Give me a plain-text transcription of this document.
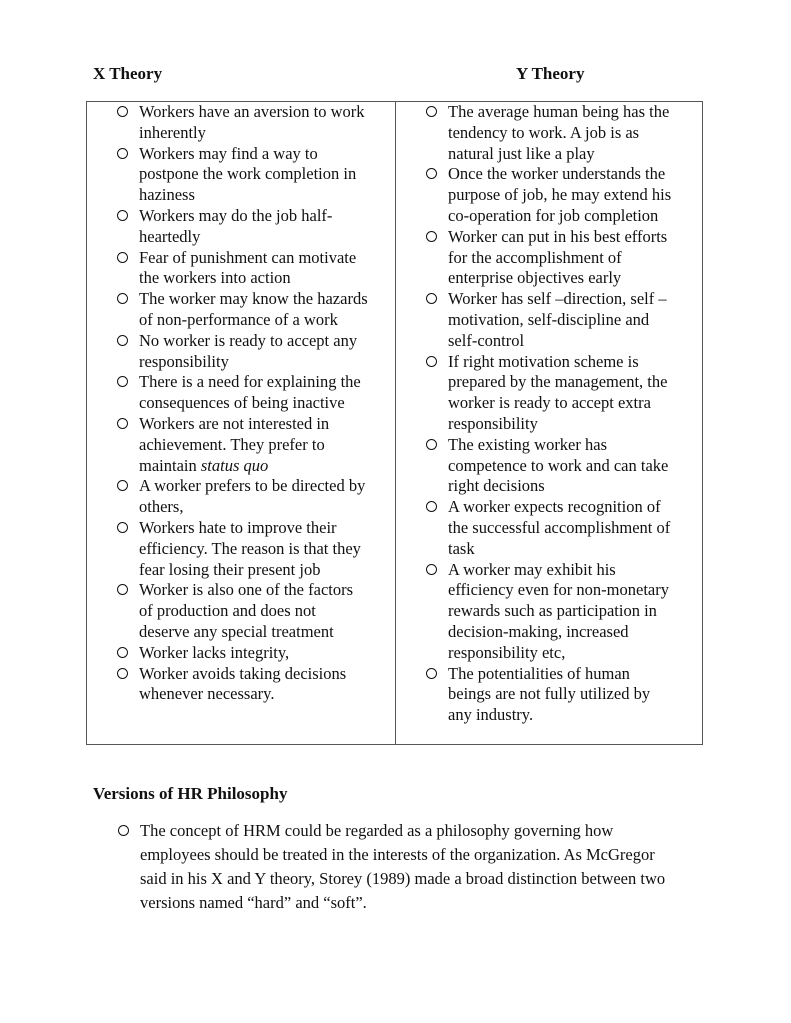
X Theory	Y Theory
Workers have an aversion to work inherently
Workers may find a way to postpone the work completion in haziness
Workers may do the job half-heartedly
Fear of punishment can motivate the workers into action
The worker may know the hazards of non-performance of a work
No worker is ready to accept any responsibility
There is a need for explaining the consequences of being inactive
Workers are not interested in achievement. They prefer to maintain status quo
A worker prefers to be directed by others,
Workers hate to improve their efficiency. The reason is that they fear losing their present job
Worker is also one of the factors of production and does not deserve any special treatment
Worker lacks integrity,
Worker avoids taking decisions whenever necessary.
The average human being has the tendency to work. A job is as natural just like a play
Once the worker understands the purpose of job, he may extend his co-operation for job completion
Worker can put in his best efforts for the accomplishment of enterprise objectives early
Worker has self –direction, self –motivation, self-discipline and self-control
If right motivation scheme is prepared by the management, the worker is ready to accept extra responsibility
The existing worker has competence to work and can take right decisions
A worker expects recognition of the successful accomplishment of task
A worker may exhibit his efficiency even for non-monetary rewards such as participation in decision-making, increased responsibility etc,
The potentialities of human beings are not fully utilized by any industry.
Versions of HR Philosophy
The concept of HRM could be regarded as a philosophy governing how employees should be treated in the interests of the organization. As McGregor said in his X and Y theory, Storey (1989) made a broad distinction between two versions named “hard” and “soft”.
